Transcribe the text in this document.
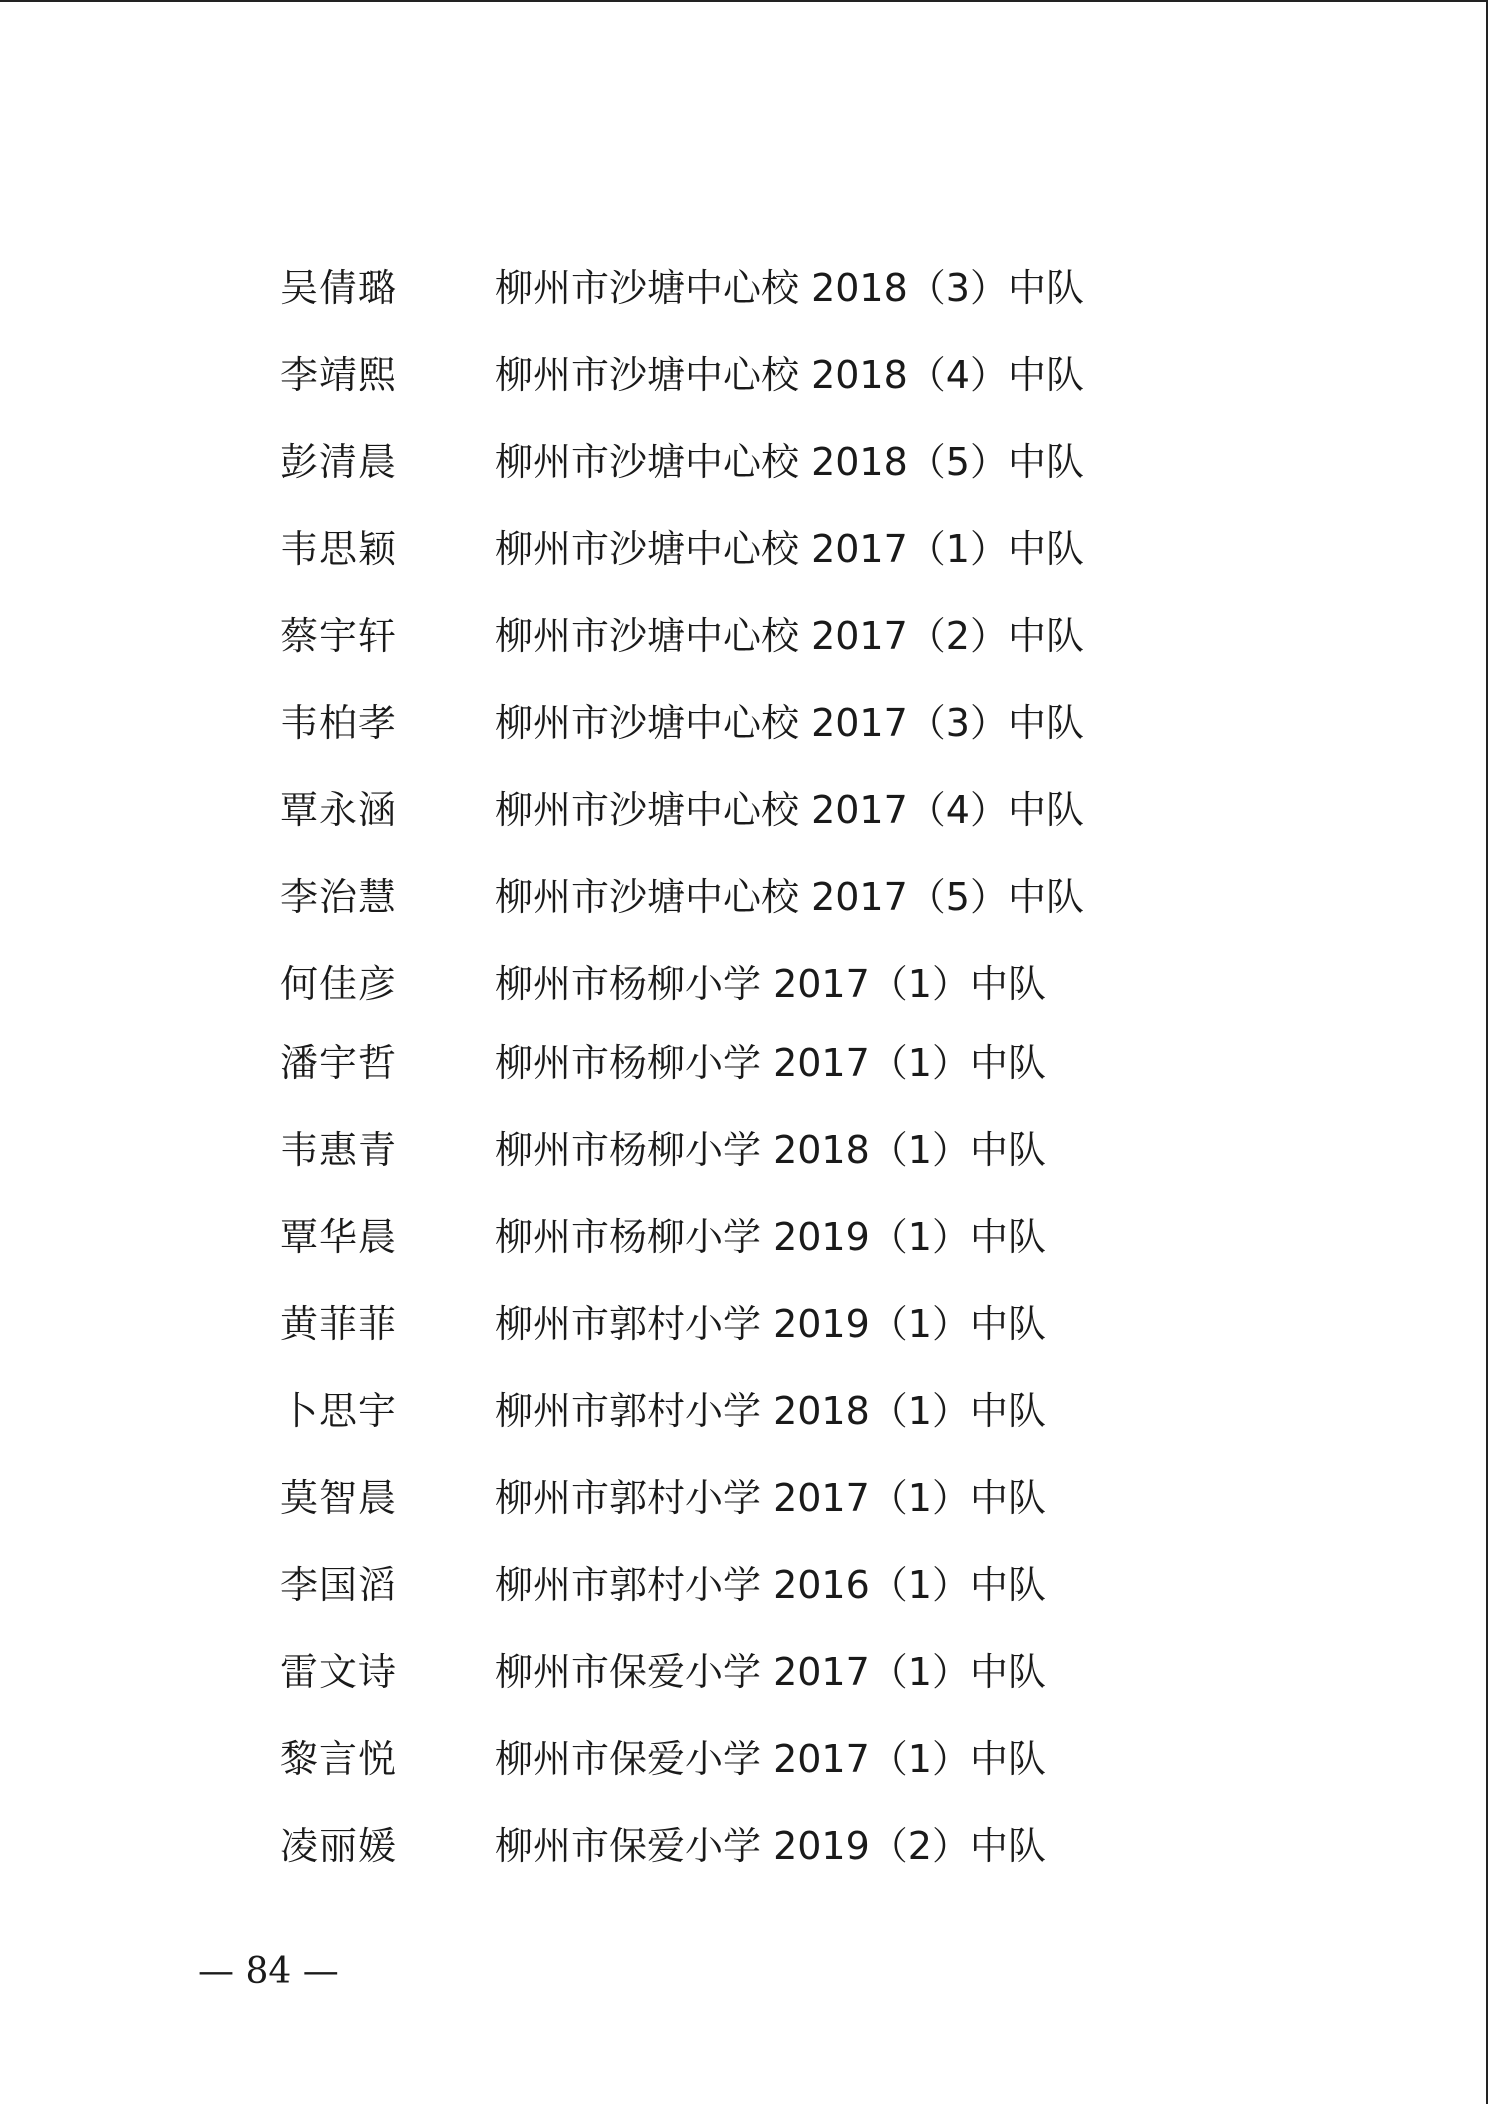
吴倩璐	柳州市沙塘中心校 2018（3）中队
李靖熙	柳州市沙塘中心校 2018（4）中队
彭清晨	柳州市沙塘中心校 2018（5）中队
韦思颖	柳州市沙塘中心校 2017（1）中队
蔡宇轩	柳州市沙塘中心校 2017（2）中队
韦柏孝	柳州市沙塘中心校 2017（3）中队
覃永涵	柳州市沙塘中心校 2017（4）中队
李治慧	柳州市沙塘中心校 2017（5）中队
何佳彦	柳州市杨柳小学 2017（1）中队
潘宇哲	柳州市杨柳小学 2017（1）中队
韦惠青	柳州市杨柳小学 2018（1）中队
覃华晨	柳州市杨柳小学 2019（1）中队
黄菲菲	柳州市郭村小学 2019（1）中队
卜思宇	柳州市郭村小学 2018（1）中队
莫智晨	柳州市郭村小学 2017（1）中队
李国滔	柳州市郭村小学 2016（1）中队
雷文诗	柳州市保爱小学 2017（1）中队
黎言悦	柳州市保爱小学 2017（1）中队
凌丽媛	柳州市保爱小学 2019（2）中队
— 84 —
